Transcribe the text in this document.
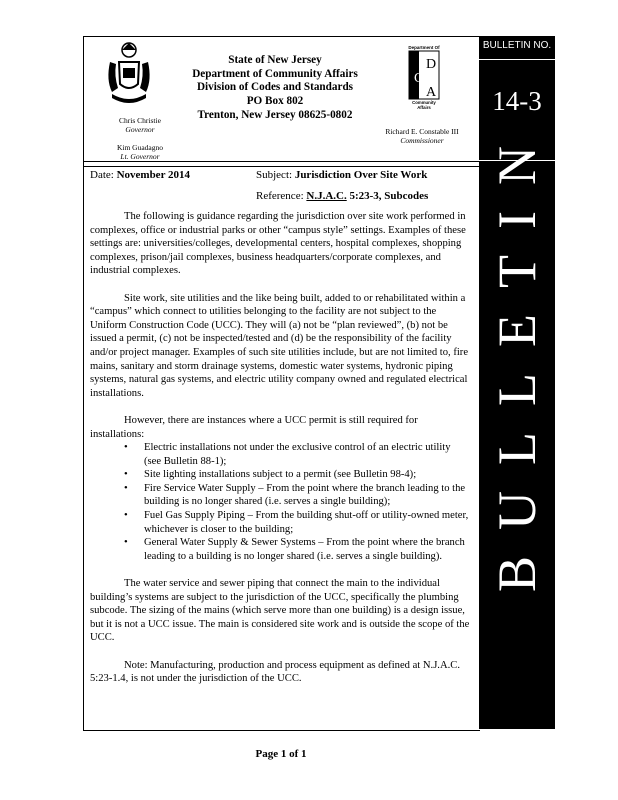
Chris Christie
Governor
Kim Guadagno
Lt. Governor
State of New Jersey
Department of Community Affairs
Division of Codes and Standards
PO Box 802
Trenton, New Jersey 08625-0802
Department Of
D
C
A
Community
Affairs
Richard E. Constable III
Commissioner
Date: November 2014	Subject: Jurisdiction Over Site Work
Reference: N.J.A.C. 5:23-3, Subcodes

The following is guidance regarding the jurisdiction over site work performed in complexes, office or industrial parks or other “campus style” settings. Examples of these settings are: universities/colleges, developmental centers, hospital complexes, shopping complexes, prison/jail complexes, business headquarters/corporate complexes, and industrial complexes.

Site work, site utilities and the like being built, added to or rehabilitated within a “campus” which connect to utilities belonging to the facility are not subject to the Uniform Construction Code (UCC). They will (a) not be “plan reviewed”, (b) not be issued a permit, (c) not be inspected/tested and (d) be the responsibility of the facility and/or project manager. Examples of such site utilities include, but are not limited to, fire mains, sanitary and storm drainage systems, domestic water systems, hydronic piping systems, natural gas systems, and electric utility company owned and regulated electrical installations.

However, there are instances where a UCC permit is still required for installations:

• Electric installations not under the exclusive control of an electric utility (see Bulletin 88-1);
• Site lighting installations subject to a permit (see Bulletin 98-4);
• Fire Service Water Supply – From the point where the branch leading to the building is no longer shared (i.e. serves a single building);
• Fuel Gas Supply Piping – From the building shut-off or utility-owned meter, whichever is closer to the building;
• General Water Supply & Sewer Systems – From the point where the branch leading to a building is no longer shared (i.e. serves a single building).

The water service and sewer piping that connect the main to the individual building’s systems are subject to the jurisdiction of the UCC, specifically the plumbing subcode. The sizing of the mains (which serve more than one building) is a design issue, but it is not a UCC issue. The main is considered site work and is outside the scope of the UCC.

Note: Manufacturing, production and process equipment as defined at N.J.A.C. 5:23-1.4, is not under the jurisdiction of the UCC.

Page 1 of 1
BULLETIN NO.
14-3
BULLETIN
